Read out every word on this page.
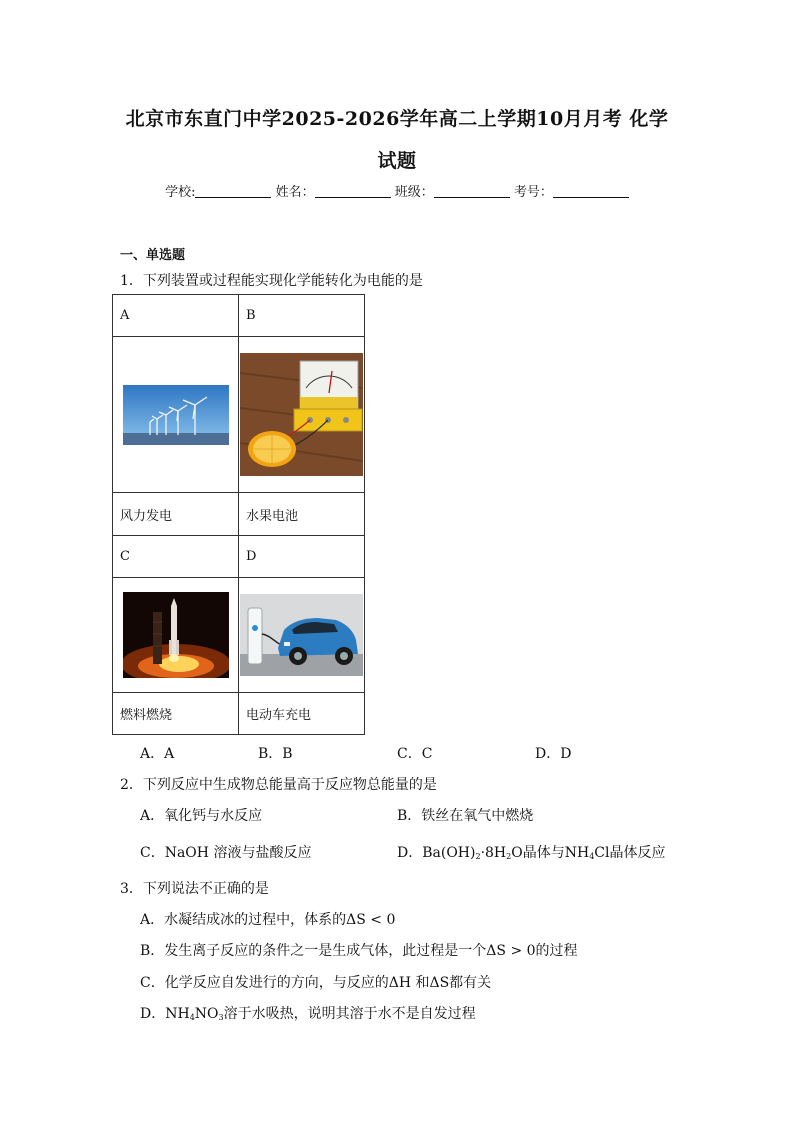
北京市东直门中学2025-2026学年高二上学期10月月考 化学
试题
学校:	姓名：	班级：	考号：
一、单选题
1．下列装置或过程能实现化学能转化为电能的是
A	B

风力发电	水果电池
C	D

燃料燃烧	电动车充电
A．A	B．B	C．C	D．D
2．下列反应中生成物总能量高于反应物总能量的是
A．氧化钙与水反应	B．铁丝在氧气中燃烧
C．NaOH 溶液与盐酸反应	D．$Ba(OH)_2\cdot 8H_2O$晶体与$NH_4Cl$晶体反应
3．下列说法不正确的是
A．水凝结成冰的过程中，体系的ΔS < 0
B．发生离子反应的条件之一是生成气体，此过程是一个ΔS > 0的过程
C．化学反应自发进行的方向，与反应的ΔH 和ΔS都有关
D．$NH_4NO_3$溶于水吸热，说明其溶于水不是自发过程
